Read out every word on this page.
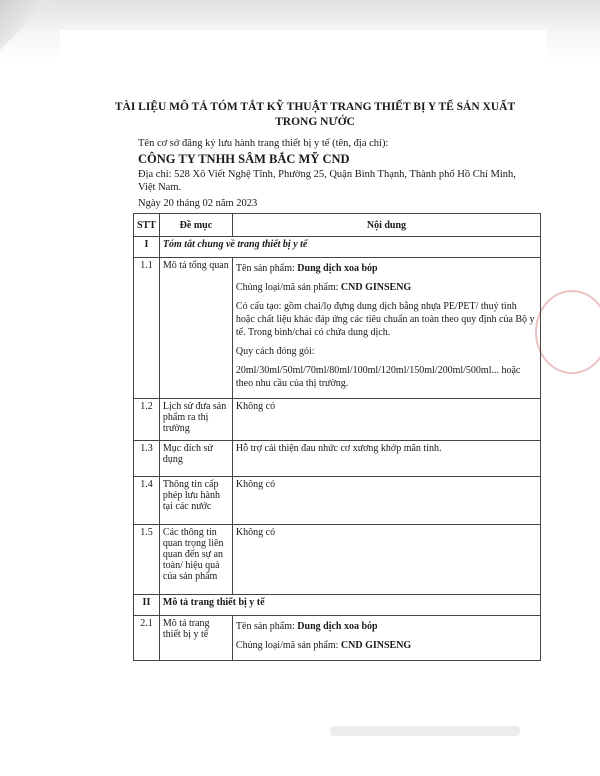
TÀI LIỆU MÔ TẢ TÓM TẮT KỸ THUẬT TRANG THIẾT BỊ Y TẾ SẢN XUẤT
TRONG NƯỚC
Tên cơ sở đăng ký lưu hành trang thiết bị y tế (tên, địa chỉ):
CÔNG TY TNHH SÂM BẮC MỸ CND
Địa chỉ: 528 Xô Viết Nghệ Tĩnh, Phường 25, Quận Bình Thạnh, Thành phố Hồ Chí Minh,
Việt Nam.
Ngày 20 tháng 02 năm 2023
STT	Đề mục	Nội dung
I	Tóm tắt chung về trang thiết bị y tế	
1.1	Mô tả tổng quan	Tên sản phẩm: Dung dịch xoa bóp
Chủng loại/mã sản phẩm: CND GINSENG
Có cấu tạo: gồm chai/lọ đựng dung dịch bằng nhựa PE/PET/ thuỷ tinh hoặc chất liệu khác đáp ứng các tiêu chuẩn an toàn theo quy định của Bộ y tế. Trong bình/chai có chứa dung dịch.
Quy cách đóng gói:
20ml/30ml/50ml/70ml/80ml/100ml/120ml/150ml/200ml/500ml... hoặc theo nhu cầu của thị trường.

1.2	Lịch sử đưa sản phẩm ra thị trường	Không có
1.3	Mục đích sử dụng	Hỗ trợ cải thiện đau nhức cơ xương khớp mãn tính.
1.4	Thông tin cấp phép lưu hành tại các nước	Không có
1.5	Các thông tin quan trọng liên quan đến sự an toàn/ hiệu quả của sản phẩm	Không có
II	Mô tả trang thiết bị y tế	
2.1	Mô tả trang thiết bị y tế	Tên sản phẩm: Dung dịch xoa bóp
Chủng loại/mã sản phẩm: CND GINSENG
